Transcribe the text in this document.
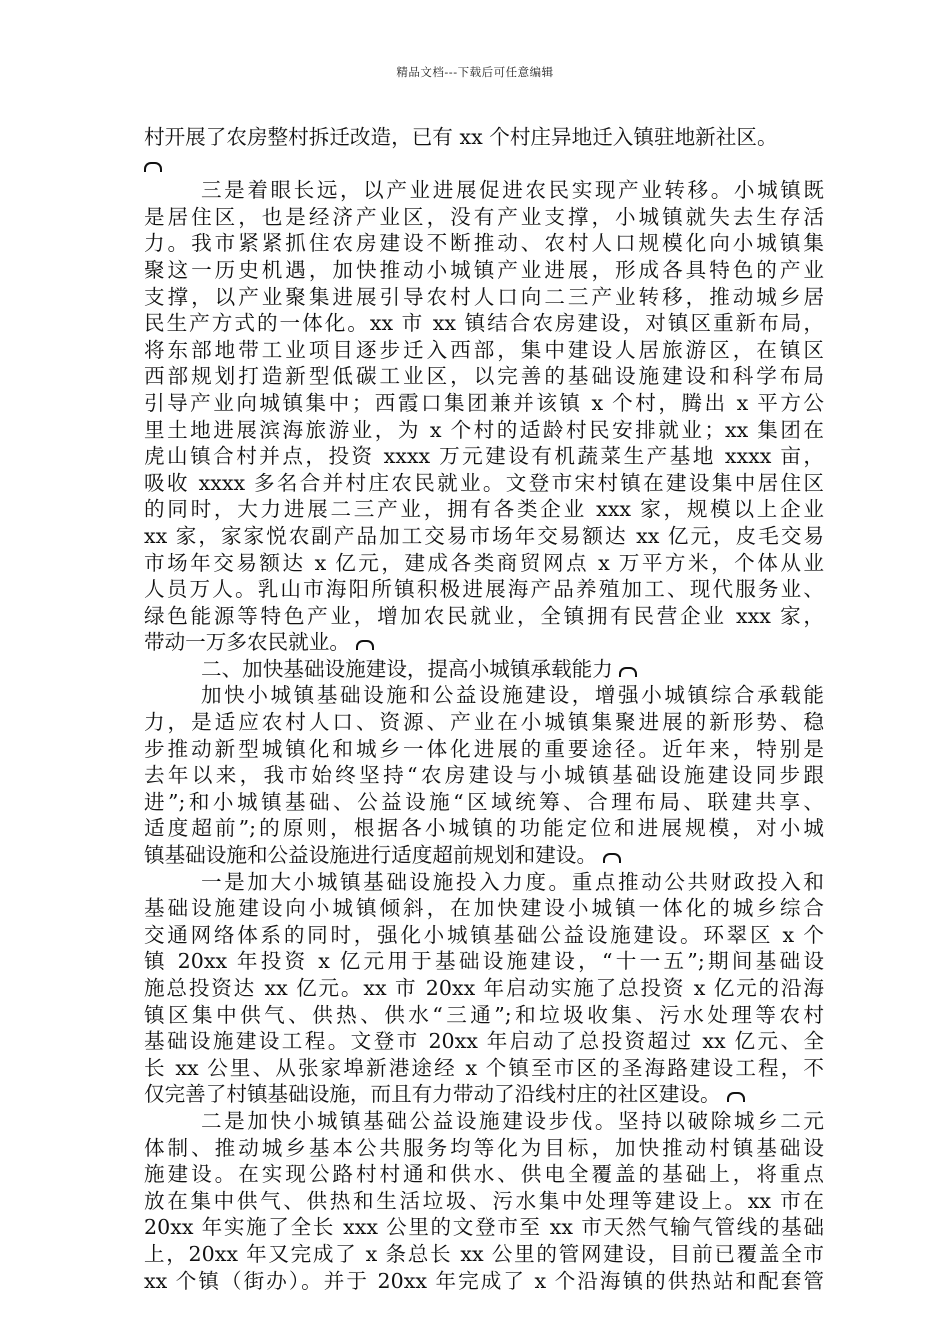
精品文档---下载后可任意编辑
村开展了农房整村拆迁改造，已有 xx 个村庄异地迁入镇驻地新社区。
三是着眼长远，以产业进展促进农民实现产业转移。小城镇既
是居住区，也是经济产业区，没有产业支撑，小城镇就失去生存活
力。我市紧紧抓住农房建设不断推动、农村人口规模化向小城镇集
聚这一历史机遇，加快推动小城镇产业进展，形成各具特色的产业
支撑，以产业聚集进展引导农村人口向二三产业转移，推动城乡居
民生产方式的一体化。xx 市 xx 镇结合农房建设，对镇区重新布局，
将东部地带工业项目逐步迁入西部，集中建设人居旅游区，在镇区
西部规划打造新型低碳工业区，以完善的基础设施建设和科学布局
引导产业向城镇集中；西霞口集团兼并该镇 x 个村，腾出 x 平方公
里土地进展滨海旅游业，为 x 个村的适龄村民安排就业；xx 集团在
虎山镇合村并点，投资 xxxx 万元建设有机蔬菜生产基地 xxxx 亩，
吸收 xxxx 多名合并村庄农民就业。文登市宋村镇在建设集中居住区
的同时，大力进展二三产业，拥有各类企业 xxx 家，规模以上企业
xx 家，家家悦农副产品加工交易市场年交易额达 xx 亿元，皮毛交易
市场年交易额达 x 亿元，建成各类商贸网点 x 万平方米，个体从业
人员万人。乳山市海阳所镇积极进展海产品养殖加工、现代服务业、
绿色能源等特色产业，增加农民就业，全镇拥有民营企业 xxx 家，
带动一万多农民就业。
二、加快基础设施建设，提高小城镇承载能力
加快小城镇基础设施和公益设施建设，增强小城镇综合承载能
力，是适应农村人口、资源、产业在小城镇集聚进展的新形势、稳
步推动新型城镇化和城乡一体化进展的重要途径。近年来，特别是
去年以来，我市始终坚持“农房建设与小城镇基础设施建设同步跟
进”;和小城镇基础、公益设施“区域统筹、合理布局、联建共享、
适度超前”;的原则，根据各小城镇的功能定位和进展规模，对小城
镇基础设施和公益设施进行适度超前规划和建设。
一是加大小城镇基础设施投入力度。重点推动公共财政投入和
基础设施建设向小城镇倾斜，在加快建设小城镇一体化的城乡综合
交通网络体系的同时，强化小城镇基础公益设施建设。环翠区 x 个
镇 20xx 年投资 x 亿元用于基础设施建设，“十一五”;期间基础设
施总投资达 xx 亿元。xx 市 20xx 年启动实施了总投资 x 亿元的沿海
镇区集中供气、供热、供水“三通”;和垃圾收集、污水处理等农村
基础设施建设工程。文登市 20xx 年启动了总投资超过 xx 亿元、全
长 xx 公里、从张家埠新港途经 x 个镇至市区的圣海路建设工程，不
仅完善了村镇基础设施，而且有力带动了沿线村庄的社区建设。
二是加快小城镇基础公益设施建设步伐。坚持以破除城乡二元
体制、推动城乡基本公共服务均等化为目标，加快推动村镇基础设
施建设。在实现公路村村通和供水、供电全覆盖的基础上，将重点
放在集中供气、供热和生活垃圾、污水集中处理等建设上。xx 市在
20xx 年实施了全长 xxx 公里的文登市至 xx 市天然气输气管线的基础
上，20xx 年又完成了 x 条总长 xx 公里的管网建设，目前已覆盖全市
xx 个镇（街办）。并于 20xx 年完成了 x 个沿海镇的供热站和配套管
